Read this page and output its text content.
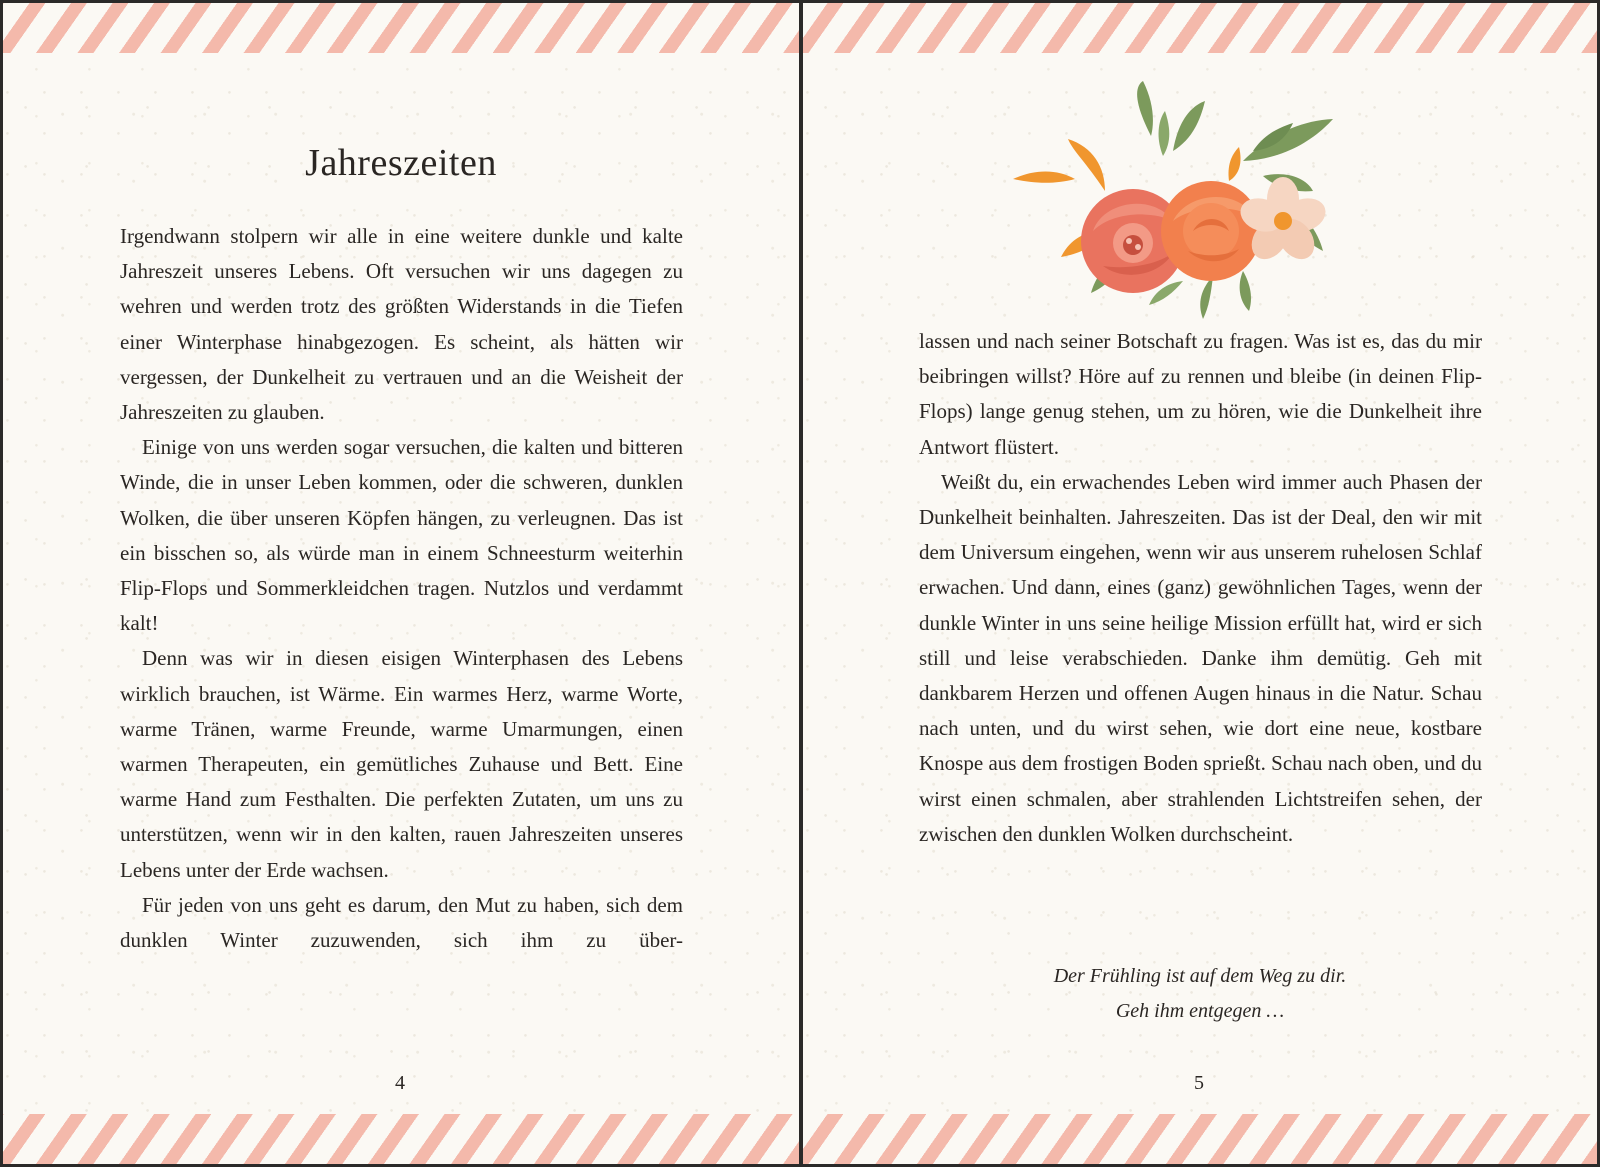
Jahreszeiten

Irgendwann stolpern wir alle in eine weitere dunkle und kalte Jahreszeit unseres Lebens. Oft versuchen wir uns dagegen zu wehren und werden trotz des größten Widerstands in die Tiefen einer Winterphase hinabgezogen. Es scheint, als hätten wir vergessen, der Dunkelheit zu vertrauen und an die Weisheit der Jahreszeiten zu glauben.

Einige von uns werden sogar versuchen, die kalten und bitteren Winde, die in unser Leben kommen, oder die schweren, dunklen Wolken, die über unseren Köpfen hängen, zu verleugnen. Das ist ein bisschen so, als würde man in einem Schneesturm weiterhin Flip-Flops und Sommerkleidchen tragen. Nutzlos und verdammt kalt!

Denn was wir in diesen eisigen Winterphasen des Lebens wirklich brauchen, ist Wärme. Ein warmes Herz, warme Worte, warme Tränen, warme Freunde, warme Umarmungen, einen warmen Therapeuten, ein gemütliches Zuhause und Bett. Eine warme Hand zum Festhalten. Die perfekten Zutaten, um uns zu unterstützen, wenn wir in den kalten, rauen Jahreszeiten unseres Lebens unter der Erde wachsen.

Für jeden von uns geht es darum, den Mut zu haben, sich dem dunklen Winter zuzuwenden, sich ihm zu über-

4

lassen und nach seiner Botschaft zu fragen. Was ist es, das du mir beibringen willst? Höre auf zu rennen und bleibe (in deinen Flip-Flops) lange genug stehen, um zu hören, wie die Dunkelheit ihre Antwort flüstert.

Weißt du, ein erwachendes Leben wird immer auch Phasen der Dunkelheit beinhalten. Jahreszeiten. Das ist der Deal, den wir mit dem Universum eingehen, wenn wir aus unserem ruhelosen Schlaf erwachen. Und dann, eines (ganz) gewöhnlichen Tages, wenn der dunkle Winter in uns seine heilige Mission erfüllt hat, wird er sich still und leise verabschieden. Danke ihm demütig. Geh mit dankbarem Herzen und offenen Augen hinaus in die Natur. Schau nach unten, und du wirst sehen, wie dort eine neue, kostbare Knospe aus dem frostigen Boden sprießt. Schau nach oben, und du wirst einen schmalen, aber strahlenden Lichtstreifen sehen, der zwischen den dunklen Wolken durchscheint.

Der Frühling ist auf dem Weg zu dir.
Geh ihm entgegen …
5
